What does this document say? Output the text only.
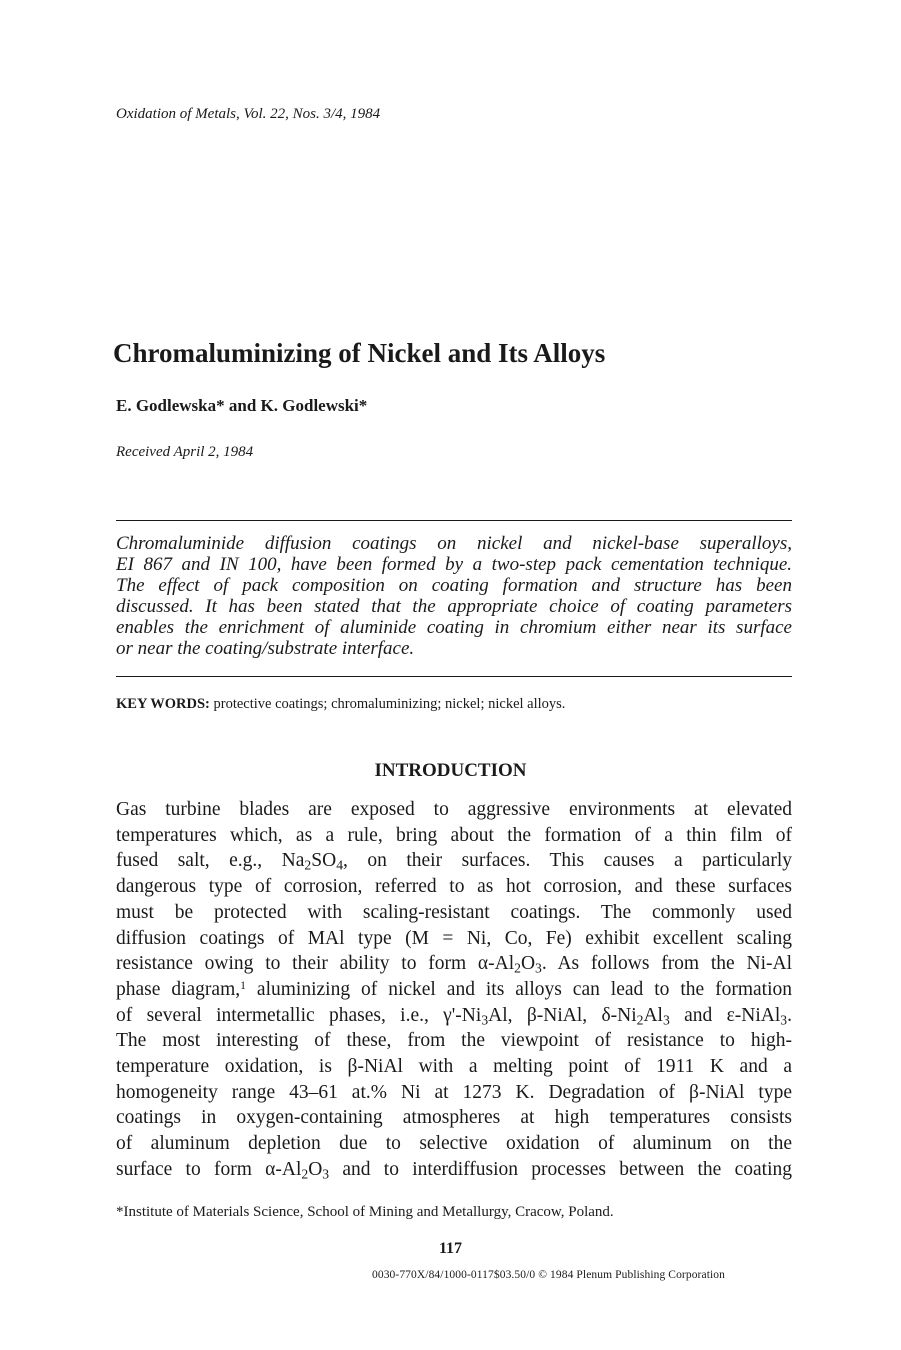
Oxidation of Metals, Vol. 22, Nos. 3/4, 1984
Chromaluminizing of Nickel and Its Alloys
E. Godlewska* and K. Godlewski*
Received April 2, 1984
Chromaluminide diffusion coatings on nickel and nickel-base superalloys,
EI 867 and IN 100, have been formed by a two-step pack cementation technique.
The effect of pack composition on coating formation and structure has been
discussed. It has been stated that the appropriate choice of coating parameters
enables the enrichment of aluminide coating in chromium either near its surface
or near the coating/substrate interface.
KEY WORDS: protective coatings; chromaluminizing; nickel; nickel alloys.
INTRODUCTION
Gas turbine blades are exposed to aggressive environments at elevated
temperatures which, as a rule, bring about the formation of a thin film of
fused salt, e.g., $Na_2SO_4$, on their surfaces. This causes a particularly
dangerous type of corrosion, referred to as hot corrosion, and these surfaces
must be protected with scaling-resistant coatings. The commonly used
diffusion coatings of MAl type (M = Ni, Co, Fe) exhibit excellent scaling
resistance owing to their ability to form $\alpha-Al_2O_3$. As follows from the Ni-Al
phase diagram,$^1$ aluminizing of nickel and its alloys can lead to the formation
of several intermetallic phases, i.e., $\gamma'-Ni_3Al$, β-NiAl, $\delta-Ni_2Al_3$ and ε-NiAl$_3$.
The most interesting of these, from the viewpoint of resistance to high-
temperature oxidation, is β-NiAl with a melting point of 1911 K and a
homogeneity range 43–61 at.% Ni at 1273 K. Degradation of β-NiAl type
coatings in oxygen-containing atmospheres at high temperatures consists
of aluminum depletion due to selective oxidation of aluminum on the
surface to form $\alpha-Al_2O_3$ and to interdiffusion processes between the coating
*Institute of Materials Science, School of Mining and Metallurgy, Cracow, Poland.
117
0030-770X/84/1000-0117$03.50/0 © 1984 Plenum Publishing Corporation
